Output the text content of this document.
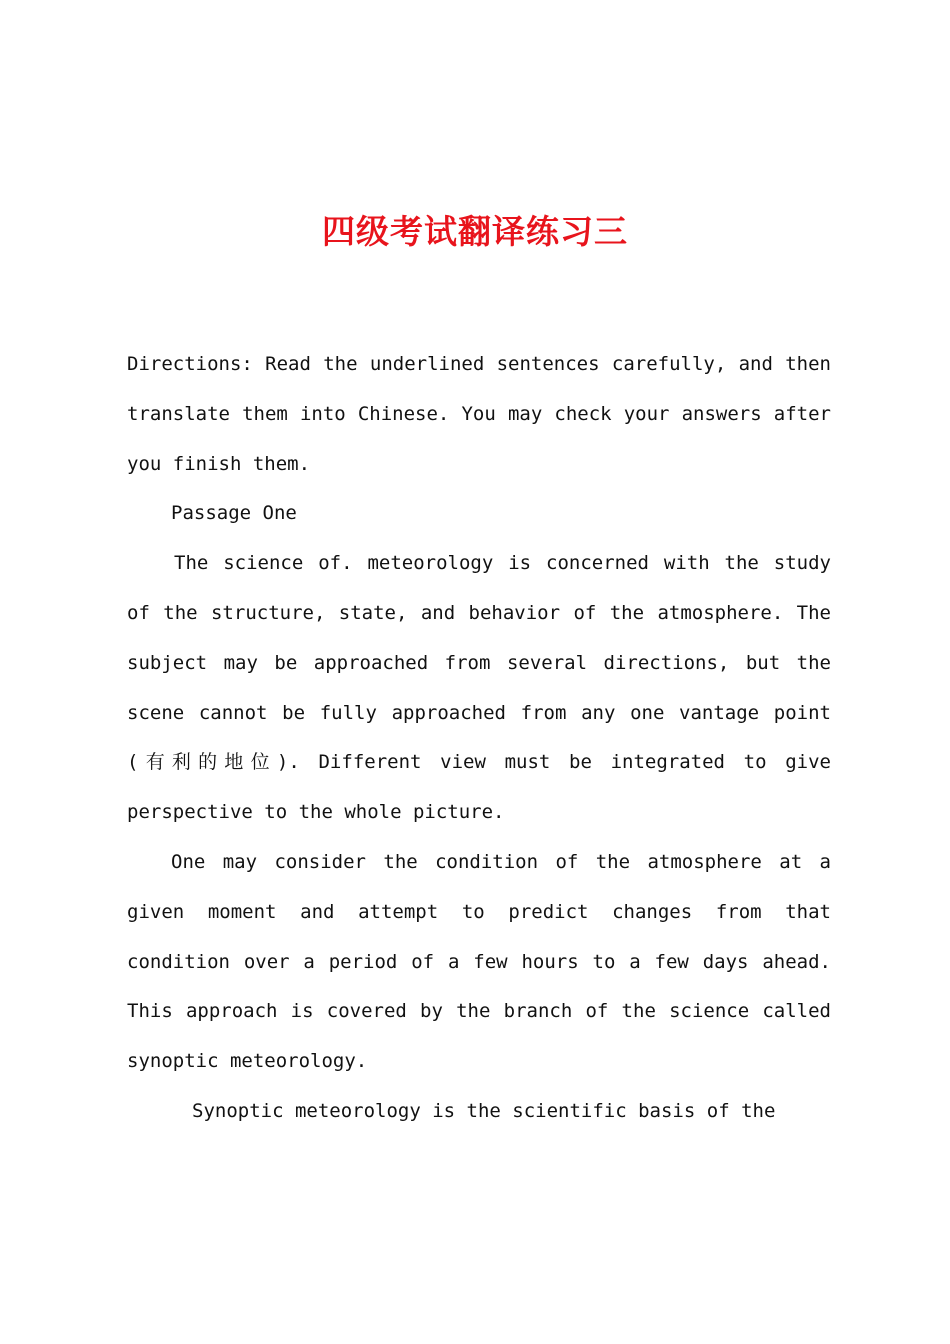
四级考试翻译练习三

Directions: Read the underlined sentences carefully, and then translate them into Chinese. You may check your answers after you finish them.

Passage One

The science of. meteorology is concerned with the study of the structure, state, and behavior of the atmosphere. The subject may be approached from several directions, but the scene cannot be fully approached from any one vantage point (有利的地位). Different view must be integrated to give perspective to the whole picture.

One may consider the condition of the atmosphere at a given moment and attempt to predict changes from that condition over a period of a few hours to a few days ahead. This approach is covered by the branch of the science called synoptic meteorology.

Synoptic meteorology is the scientific basis of the
